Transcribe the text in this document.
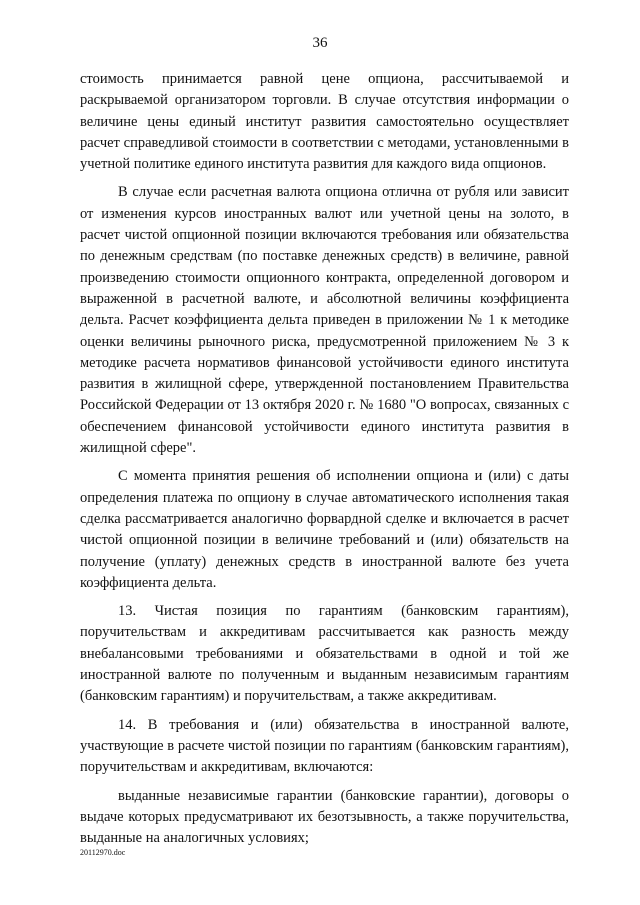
36

стоимость принимается равной цене опциона, рассчитываемой и раскрываемой организатором торговли. В случае отсутствия информации о величине цены единый институт развития самостоятельно осуществляет расчет справедливой стоимости в соответствии с методами, установленными в учетной политике единого института развития для каждого вида опционов.

В случае если расчетная валюта опциона отлична от рубля или зависит от изменения курсов иностранных валют или учетной цены на золото, в расчет чистой опционной позиции включаются требования или обязательства по денежным средствам (по поставке денежных средств) в величине, равной произведению стоимости опционного контракта, определенной договором и выраженной в расчетной валюте, и абсолютной величины коэффициента дельта. Расчет коэффициента дельта приведен в приложении № 1 к методике оценки величины рыночного риска, предусмотренной приложением № 3 к методике расчета нормативов финансовой устойчивости единого института развития в жилищной сфере, утвержденной постановлением Правительства Российской Федерации от 13 октября 2020 г. № 1680 "О вопросах, связанных с обеспечением финансовой устойчивости единого института развития в жилищной сфере".

С момента принятия решения об исполнении опциона и (или) с даты определения платежа по опциону в случае автоматического исполнения такая сделка рассматривается аналогично форвардной сделке и включается в расчет чистой опционной позиции в величине требований и (или) обязательств на получение (уплату) денежных средств в иностранной валюте без учета коэффициента дельта.

13. Чистая позиция по гарантиям (банковским гарантиям), поручительствам и аккредитивам рассчитывается как разность между внебалансовыми требованиями и обязательствами в одной и той же иностранной валюте по полученным и выданным независимым гарантиям (банковским гарантиям) и поручительствам, а также аккредитивам.

14. В требования и (или) обязательства в иностранной валюте, участвующие в расчете чистой позиции по гарантиям (банковским гарантиям), поручительствам и аккредитивам, включаются:

выданные независимые гарантии (банковские гарантии), договоры о выдаче которых предусматривают их безотзывность, а также поручительства, выданные на аналогичных условиях;

20112970.doc
